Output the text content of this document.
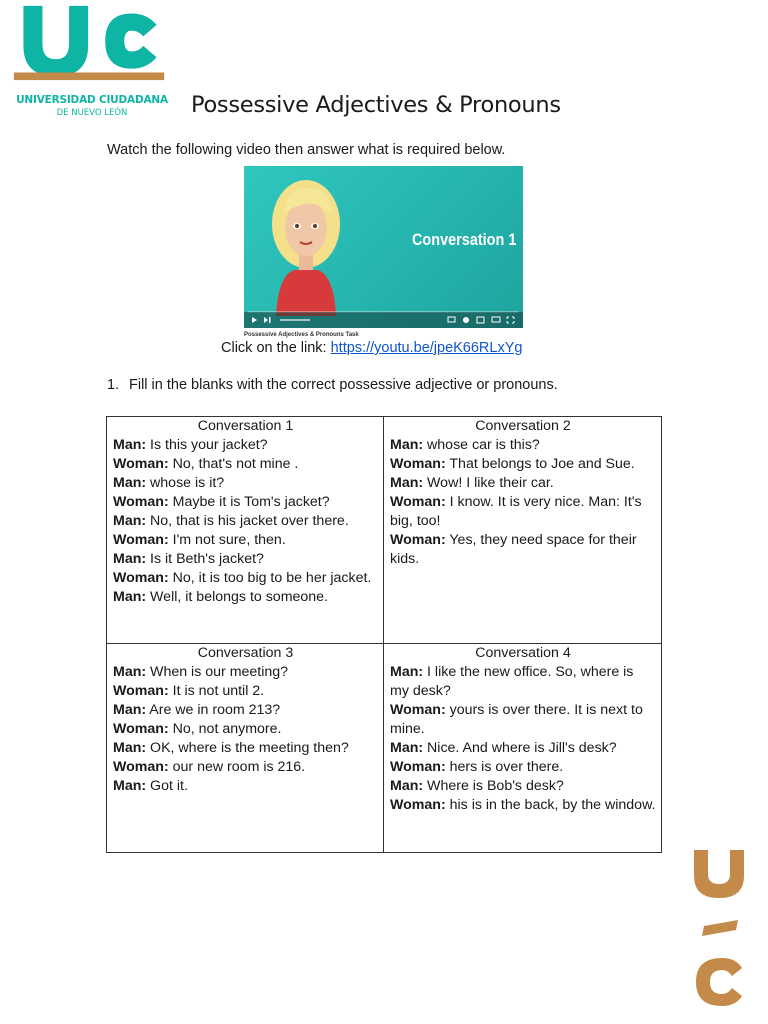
UNIVERSIDAD CIUDADANA
DE NUEVO LEÓN	Possessive Adjectives & Pronouns
Watch the following video then answer what is required below.
Conversation 1
Possessive Adjectives & Pronouns Task
Click on the link: https://youtu.be/jpeK66RLxYg
1. Fill in the blanks with the correct possessive adjective or pronouns.
Conversation 1
Man: Is this your jacket?
Woman: No, that's not mine .
Man: whose is it?
Woman: Maybe it is Tom's jacket?
Man: No, that is his jacket over there.
Woman: I'm not sure, then.
Man: Is it Beth's jacket?
Woman: No, it is too big to be her jacket.
Man: Well, it belongs to someone.
Conversation 2
Man: whose car is this?
Woman: That belongs to Joe and Sue.
Man: Wow! I like their car.
Woman: I know. It is very nice. Man: It's big, too!
Woman: Yes, they need space for their kids.
Conversation 3
Man: When is our meeting?
Woman: It is not until 2.
Man: Are we in room 213?
Woman: No, not anymore.
Man: OK, where is the meeting then?
Woman: our new room is 216.
Man: Got it.
Conversation 4
Man: I like the new office. So, where is my desk?
Woman: yours is over there. It is next to mine.
Man: Nice. And where is Jill's desk?
Woman: hers is over there.
Man: Where is Bob's desk?
Woman: his is in the back, by the window.
